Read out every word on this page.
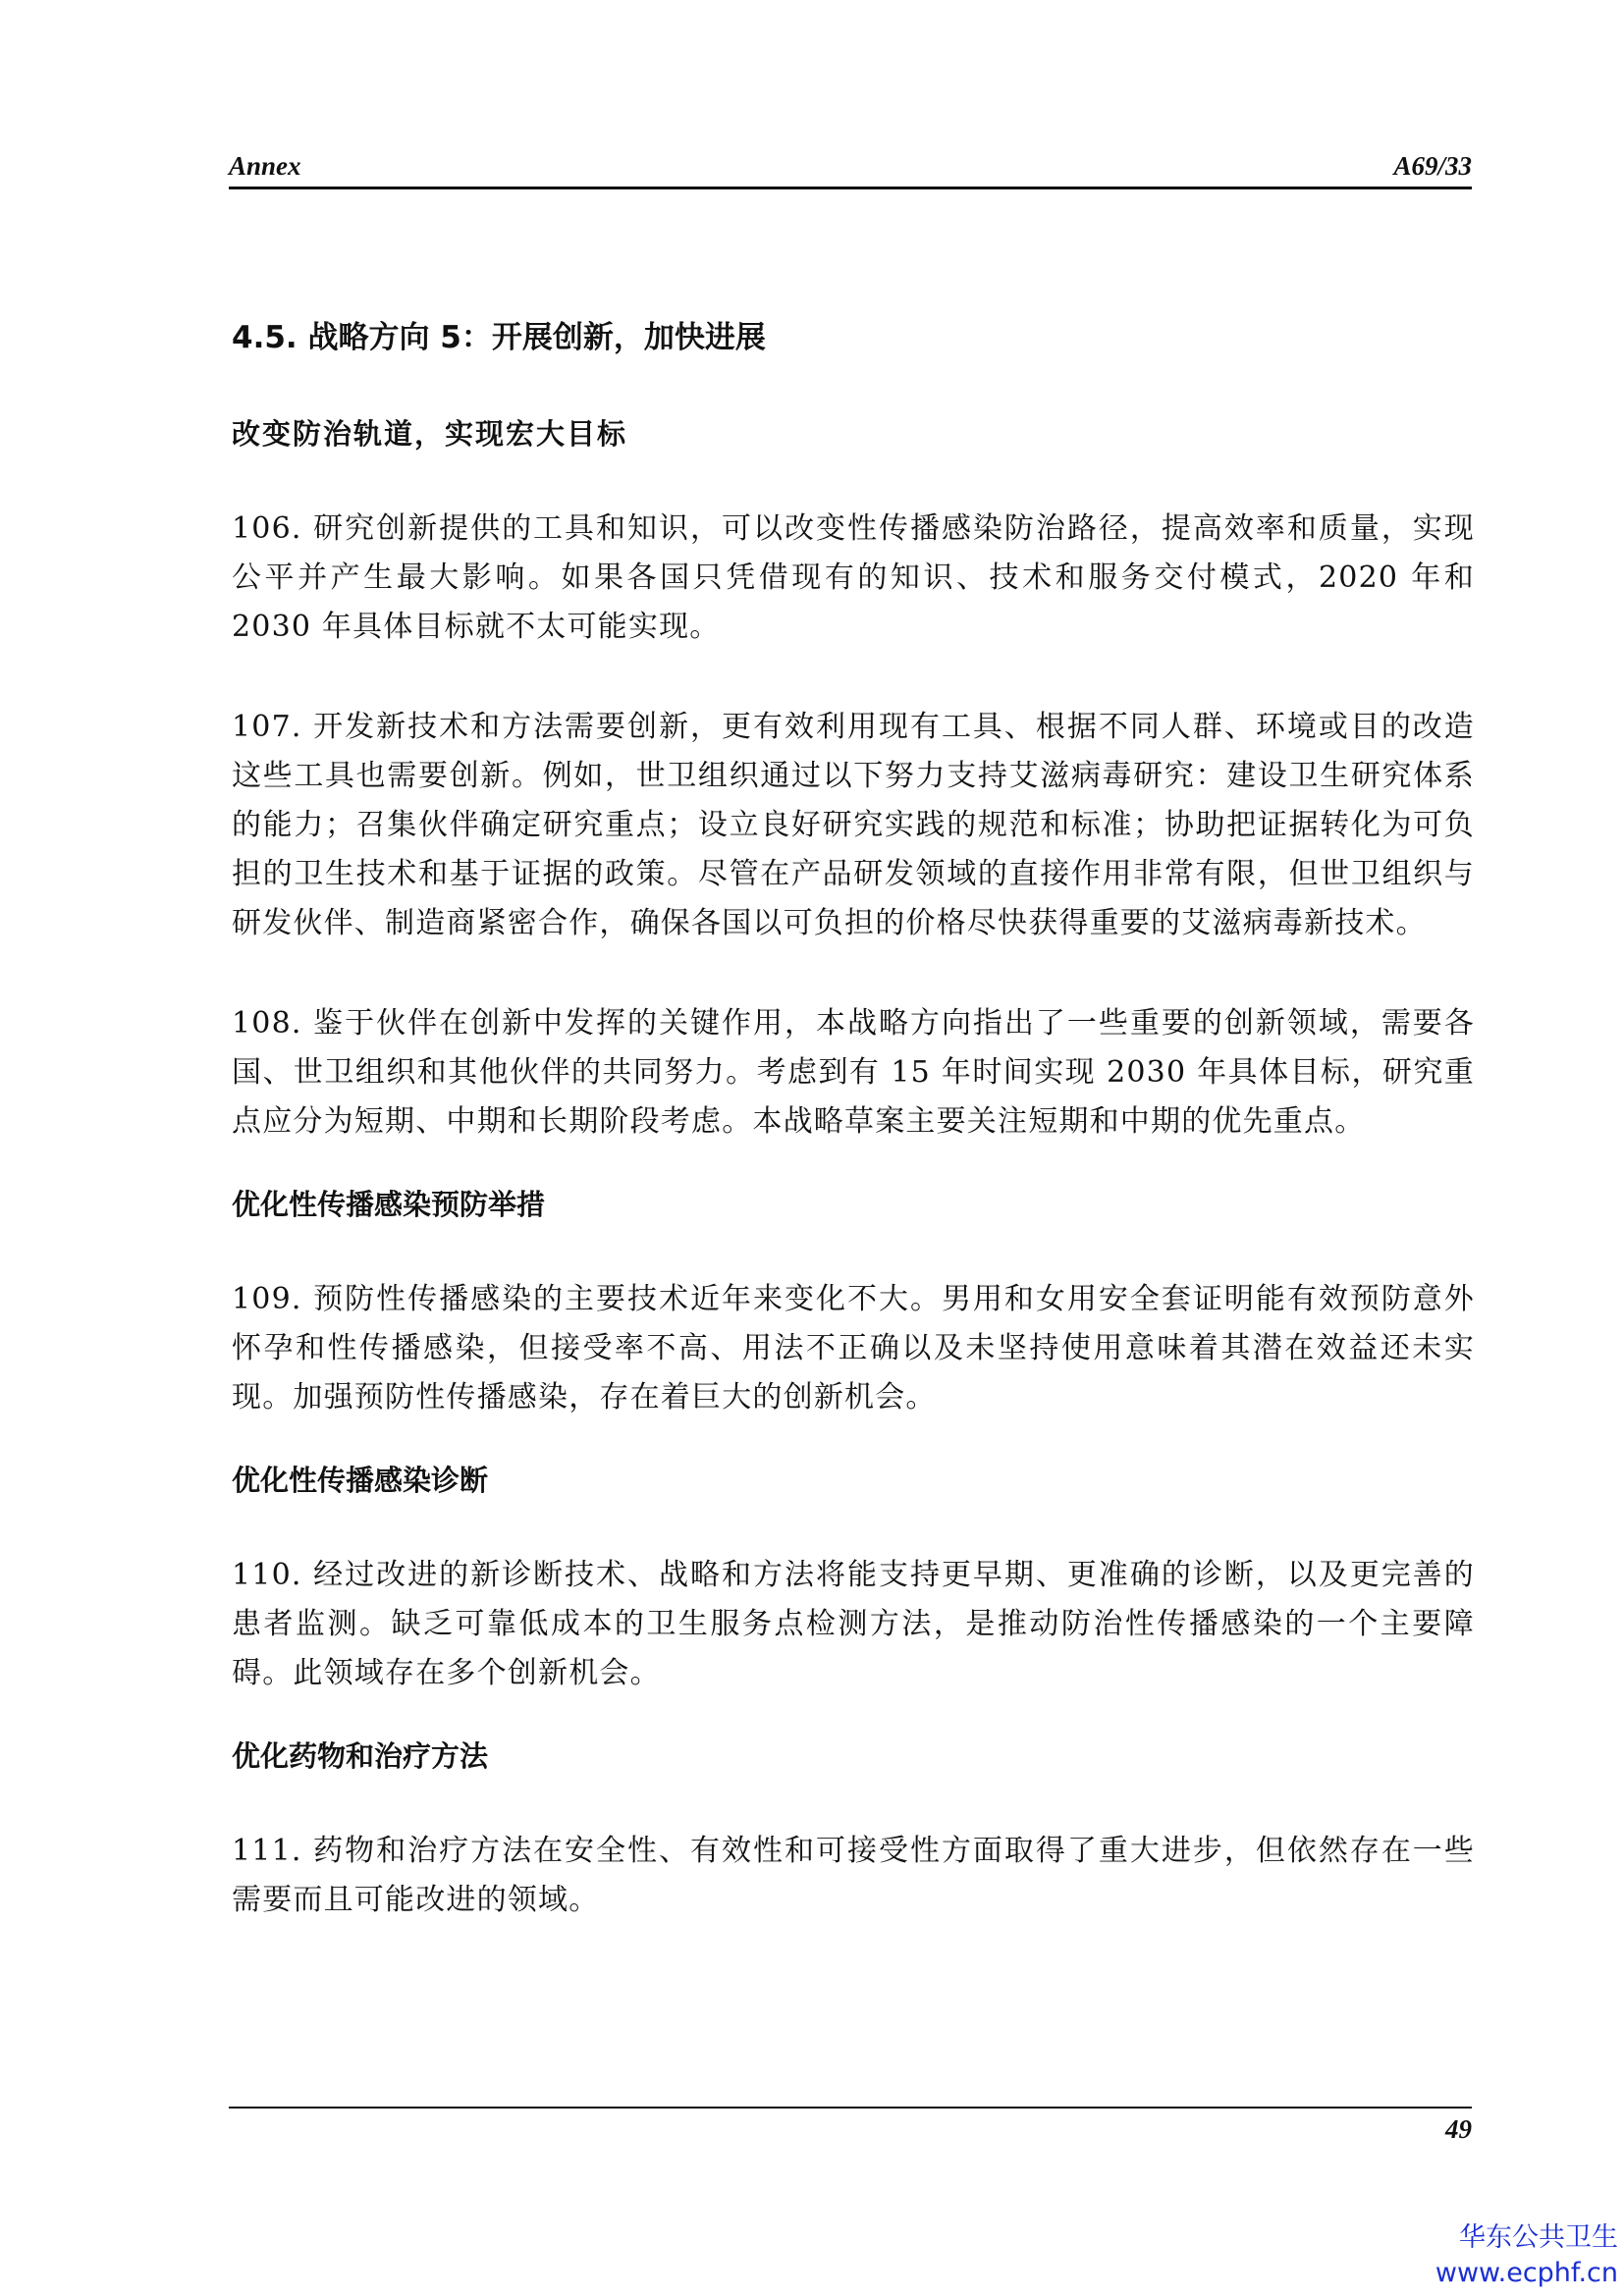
Annex	A69/33
4.5. 战略方向 5：开展创新，加快进展
改变防治轨道，实现宏大目标

106. 研究创新提供的工具和知识，可以改变性传播感染防治路径，提高效率和质量，实现公平并产生最大影响。如果各国只凭借现有的知识、技术和服务交付模式，2020 年和 2030 年具体目标就不太可能实现。

107. 开发新技术和方法需要创新，更有效利用现有工具、根据不同人群、环境或目的改造这些工具也需要创新。例如，世卫组织通过以下努力支持艾滋病毒研究：建设卫生研究体系的能力；召集伙伴确定研究重点；设立良好研究实践的规范和标准；协助把证据转化为可负担的卫生技术和基于证据的政策。尽管在产品研发领域的直接作用非常有限，但世卫组织与研发伙伴、制造商紧密合作，确保各国以可负担的价格尽快获得重要的艾滋病毒新技术。

108. 鉴于伙伴在创新中发挥的关键作用，本战略方向指出了一些重要的创新领域，需要各国、世卫组织和其他伙伴的共同努力。考虑到有 15 年时间实现 2030 年具体目标，研究重点应分为短期、中期和长期阶段考虑。本战略草案主要关注短期和中期的优先重点。

优化性传播感染预防举措

109. 预防性传播感染的主要技术近年来变化不大。男用和女用安全套证明能有效预防意外怀孕和性传播感染，但接受率不高、用法不正确以及未坚持使用意味着其潜在效益还未实现。加强预防性传播感染，存在着巨大的创新机会。

优化性传播感染诊断

110. 经过改进的新诊断技术、战略和方法将能支持更早期、更准确的诊断，以及更完善的患者监测。缺乏可靠低成本的卫生服务点检测方法，是推动防治性传播感染的一个主要障碍。此领域存在多个创新机会。

优化药物和治疗方法

111. 药物和治疗方法在安全性、有效性和可接受性方面取得了重大进步，但依然存在一些需要而且可能改进的领域。

49
华东公共卫生
www.ecphf.cn
